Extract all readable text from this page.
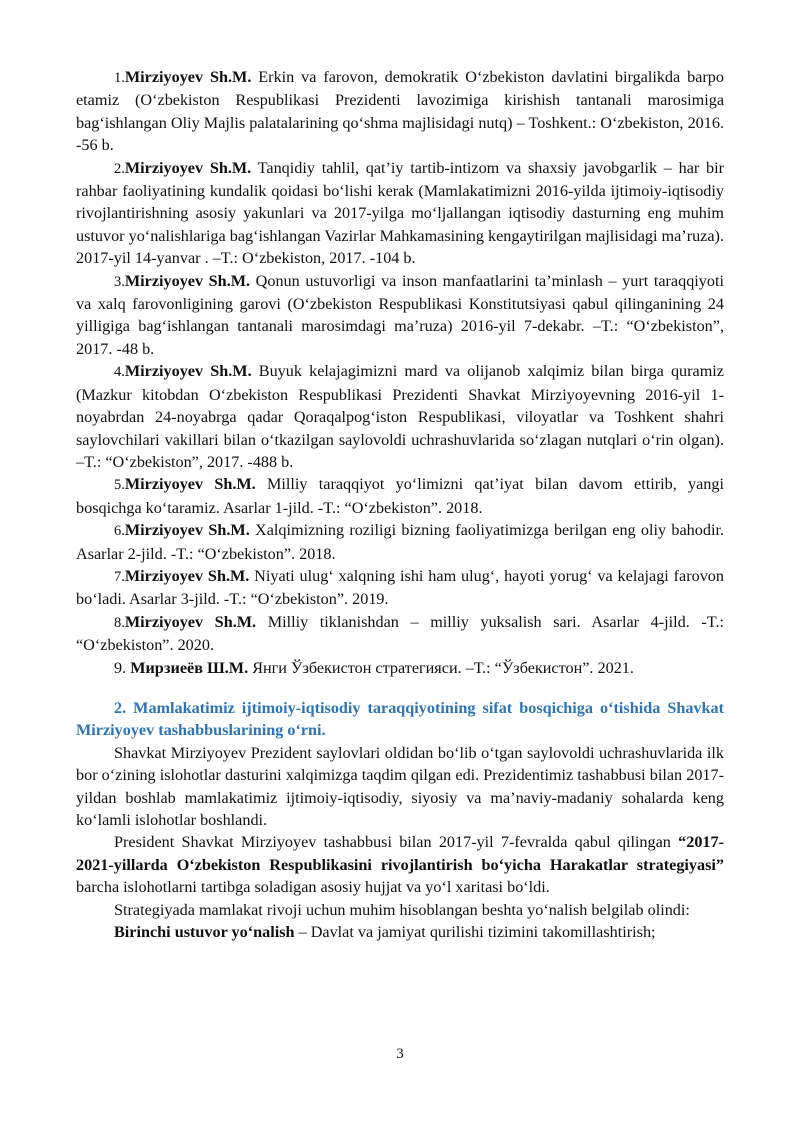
1.Mirziyoyev Sh.M. Erkin va farovon, demokratik O‘zbekiston davlatini birgalikda barpo etamiz (O‘zbekiston Respublikasi Prezidenti lavozimiga kirishish tantanali marosimiga bag‘ishlangan Oliy Majlis palatalarining qo‘shma majlisidagi nutq) – Toshkent.: O‘zbekiston, 2016. -56 b.

2.Mirziyoyev Sh.M. Tanqidiy tahlil, qat’iy tartib-intizom va shaxsiy javobgarlik – har bir rahbar faoliyatining kundalik qoidasi bo‘lishi kerak (Mamlakatimizni 2016-yilda ijtimoiy-iqtisodiy rivojlantirishning asosiy yakunlari va 2017-yilga mo‘ljallangan iqtisodiy dasturning eng muhim ustuvor yo‘nalishlariga bag‘ishlangan Vazirlar Mahkamasining kengaytirilgan majlisidagi ma’ruza). 2017-yil 14-yanvar . –T.: O‘zbekiston, 2017. -104 b.

3.Mirziyoyev Sh.M. Qonun ustuvorligi va inson manfaatlarini ta’minlash – yurt taraqqiyoti va xalq farovonligining garovi (O‘zbekiston Respublikasi Konstitutsiyasi qabul qilinganining 24 yilligiga bag‘ishlangan tantanali marosimdagi ma’ruza) 2016-yil 7-dekabr. –T.: “O‘zbekiston”, 2017. -48 b.

4.Mirziyoyev Sh.M. Buyuk kelajagimizni mard va olijanob xalqimiz bilan birga quramiz (Mazkur kitobdan O‘zbekiston Respublikasi Prezidenti Shavkat Mirziyoyevning 2016-yil 1-noyabrdan 24-noyabrga qadar Qoraqalpog‘iston Respublikasi, viloyatlar va Toshkent shahri saylovchilari vakillari bilan o‘tkazilgan saylovoldi uchrashuvlarida so‘zlagan nutqlari o‘rin olgan). –T.: “O‘zbekiston”, 2017. -488 b.

5.Mirziyoyev Sh.M. Milliy taraqqiyot yo‘limizni qat’iyat bilan davom ettirib, yangi bosqichga ko‘taramiz. Asarlar 1-jild. -T.: “O‘zbekiston”. 2018.

6.Mirziyoyev Sh.M. Xalqimizning roziligi bizning faoliyatimizga berilgan eng oliy bahodir. Asarlar 2-jild. -T.: “O‘zbekiston”. 2018.

7.Mirziyoyev Sh.M. Niyati ulug‘ xalqning ishi ham ulug‘, hayoti yorug‘ va kelajagi farovon bo‘ladi. Asarlar 3-jild. -T.: “O‘zbekiston”. 2019.

8.Mirziyoyev Sh.M. Milliy tiklanishdan – milliy yuksalish sari. Asarlar 4-jild. -T.: “O‘zbekiston”. 2020.

9. Мирзиеёв Ш.М. Янги Ўзбекистон стратегияси. –Т.: “Ўзбекистон”. 2021.

2. Mamlakatimiz ijtimoiy-iqtisodiy taraqqiyotining sifat bosqichiga o‘tishida Shavkat Mirziyoyev tashabbuslarining o‘rni.

Shavkat Mirziyoyev Prezident saylovlari oldidan bo‘lib o‘tgan saylovoldi uchrashuvlarida ilk bor o‘zining islohotlar dasturini xalqimizga taqdim qilgan edi. Prezidentimiz tashabbusi bilan 2017-yildan boshlab mamlakatimiz ijtimoiy-iqtisodiy, siyosiy va ma’naviy-madaniy sohalarda keng ko‘lamli islohotlar boshlandi.

President Shavkat Mirziyoyev tashabbusi bilan 2017-yil 7-fevralda qabul qilingan “2017-2021-yillarda O‘zbekiston Respublikasini rivojlantirish bo‘yicha Harakatlar strategiyasi” barcha islohotlarni tartibga soladigan asosiy hujjat va yo‘l xaritasi bo‘ldi.

Strategiyada mamlakat rivoji uchun muhim hisoblangan beshta yo‘nalish belgilab olindi:

Birinchi ustuvor yo‘nalish – Davlat va jamiyat qurilishi tizimini takomillashtirish;

3
